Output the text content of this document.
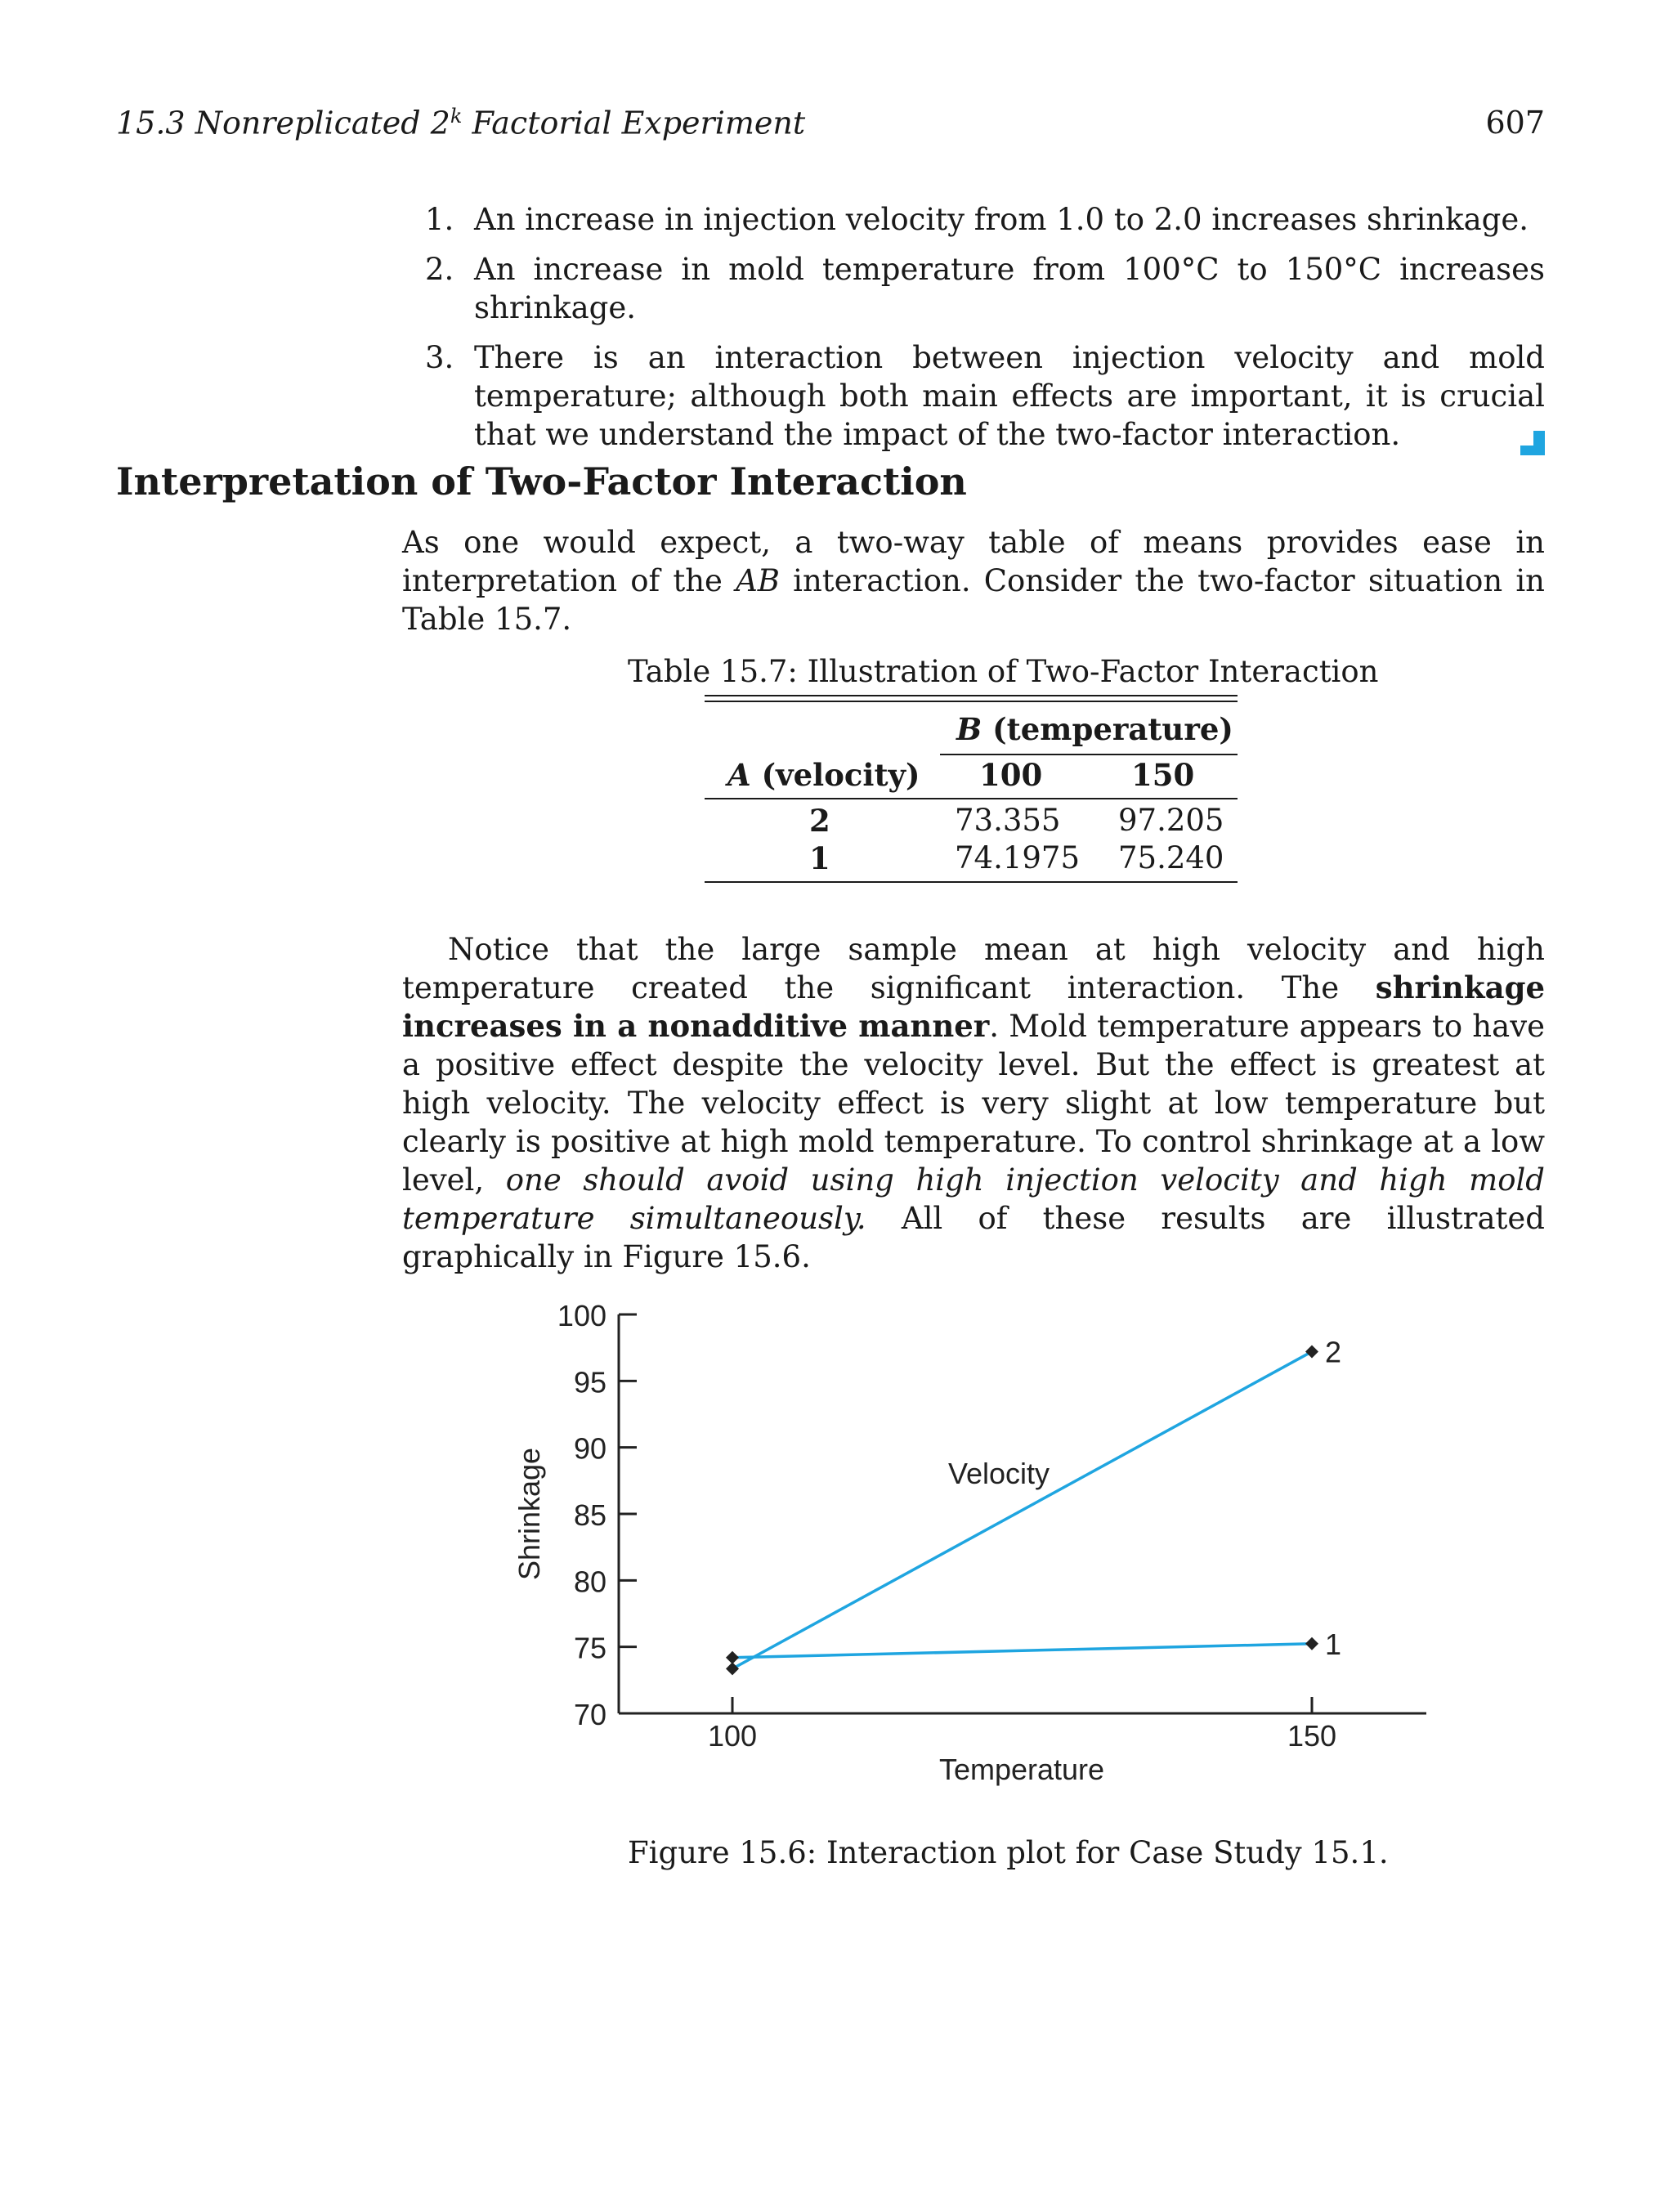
15.3 Nonreplicated 2$^k$ Factorial Experiment	607
1. An increase in injection velocity from 1.0 to 2.0 increases shrinkage.
2. An increase in mold temperature from 100°C to 150°C increases shrinkage.
3. There is an interaction between injection velocity and mold temperature; although both main effects are important, it is crucial that we understand the impact of the two-factor interaction.
Interpretation of Two-Factor Interaction
As one would expect, a two-way table of means provides ease in interpretation of the AB interaction. Consider the two-factor situation in Table 15.7.
Table 15.7: Illustration of Two-Factor Interaction
B (temperature)
A (velocity) 100	150
2	73.355 97.205
1	74.1975 75.240

Notice that the large sample mean at high velocity and high temperature created the significant interaction. The shrinkage increases in a nonadditive manner. Mold temperature appears to have a positive effect despite the velocity level. But the effect is greatest at high velocity. The velocity effect is very slight at low temperature but clearly is positive at high mold temperature. To control shrinkage at a low level, one should avoid using high injection velocity and high mold temperature simultaneously. All of these results are illustrated graphically in Figure 15.6.

100
95
90
85
80
75
70
100	150
Temperature
Shrinkage
2
1
Velocity
Figure 15.6: Interaction plot for Case Study 15.1.
